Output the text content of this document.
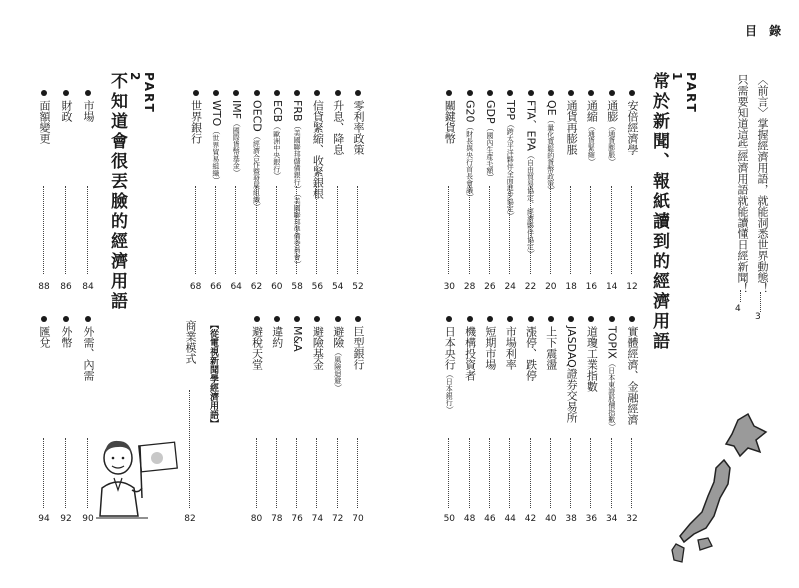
目 錄
〈前言〉掌握經濟用語，就能洞悉世界動態！
3
只需要知道這些經濟用語就能讀懂日經新聞！
4
PART 1
常於新聞、報紙讀到的經濟用語
PART 2
不知道會很丟臉的經濟用語	安倍經濟學
12
通膨（通貨膨脹）
14
通縮（通貨緊縮）
16
通貨再膨脹
18
QE（量化寬鬆的貨幣政策）
20
FTA、EPA（自由貿易協定、經濟夥伴協定）
22
TPP（跨太平洋夥伴全面進步協定）
24
GDP（國內生產毛額）
26
G20（財長與央行首長會議）
28
關鍵貨幣
30
實體經濟、金融經濟
32
TOPIX（日本東證股價指數）
34
道瓊工業指數
36
JASDAQ證券交易所
38
上下震盪
40
漲停、跌停
42
市場利率
44
短期市場
46
機構投資者
48
日本央行（日本銀行）
50
零利率政策
52
升息、降息
54
信貸緊縮、收緊銀根
56
FRB（美國聯邦儲備銀行）（美國聯邦準備委員會）
58
ECB（歐洲中央銀行）
60
OECD（經濟合作暨發展組織）
62
IMF（國際貨幣基金）
64
WTO（世界貿易組織）
66
世界銀行
68
巨型銀行
70
避險（風險迴避）
72
避險基金
74
M&A
76
違約
78
避稅天堂
80
市場
84
財政
86
面額變更
88
外需、內需
90
外幣
92
匯兌
94
【從電視新聞學經濟用語】
商業模式
82
